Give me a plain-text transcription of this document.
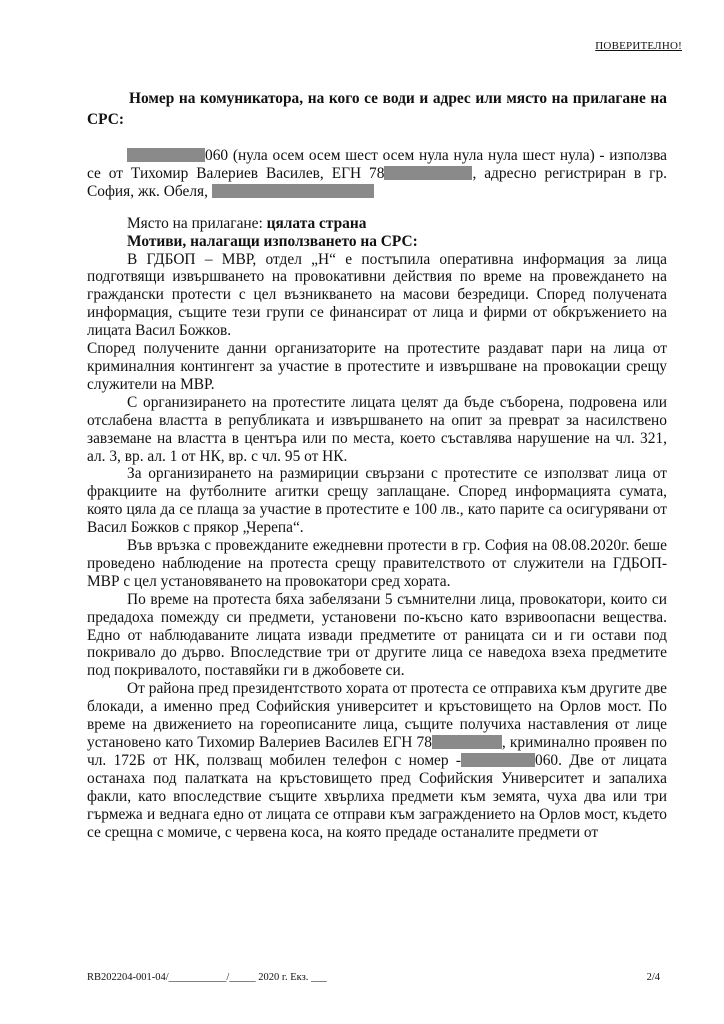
ПОВЕРИТЕЛНО!
Номер на комуникатора, на кого се води и адрес или място на прилагане на СРС:

060 (нула осем осем шест осем нула нула нула шест нула) - използва се от Тихомир Валериев Василев, ЕГН 78	, адресно регистриран в гр. София, жк. Обеля,

Място на прилагане: цялата страна

Мотиви, налагащи използването на СРС:

В ГДБОП – МВР, отдел „Н“ е постъпила оперативна информация за лица подготвящи извършването на провокативни действия по време на провеждането на граждански протести с цел възникването на масови безредици. Според получената информация, същите тези групи се финансират от лица и фирми от обкръжението на лицата Васил Божков.

Според получените данни организаторите на протестите раздават пари на лица от криминалния контингент за участие в протестите и извършване на провокации срещу служители на МВР.

С организирането на протестите лицата целят да бъде съборена, подровена или отслабена властта в републиката и извършването на опит за преврат за насилствено завземане на властта в центъра или по места, което съставлява нарушение на чл. 321, ал. 3, вр. ал. 1 от НК, вр. с чл. 95 от НК.

За организирането на размириции свързани с протестите се използват лица от фракциите на футболните агитки срещу заплащане. Според информацията сумата, която цяла да се плаща за участие в протестите е 100 лв., като парите са осигурявани от Васил Божков с прякор „Черепа“.

Във връзка с провежданите ежедневни протести в гр. София на 08.08.2020г. беше проведено наблюдение на протеста срещу правителството от служители на ГДБОП-МВР с цел установяването на провокатори сред хората.

По време на протеста бяха забелязани 5 съмнителни лица, провокатори, които си предадоха помежду си предмети, установени по-късно като взривоопасни вещества. Едно от наблюдаваните лицата извади предметите от раницата си и ги остави под покривало до дърво. Впоследствие три от другите лица се наведоха взеха предметите под покривалото, поставяйки ги в джобовете си.

От района пред президентството хората от протеста се отправиха към другите две блокади, а именно пред Софийския университет и кръстовището на Орлов мост. По време на движението на гореописаните лица, същите получиха наставления от лице установено като Тихомир Валериев Василев ЕГН 78	, криминално проявен по чл. 172Б от НК, ползващ мобилен телефон с номер -	060. Две от лицата останаха под палатката на кръстовището пред Софийския Университет и запалиха факли, като впоследствие същите хвърлиха предмети към земята, чуха два или три гърмежа и веднага едно от лицата се отправи към заграждението на Орлов мост, където се срещна с момиче, с червена коса, на която предаде останалите предмети от

RB202204-001-04/___________/_____ 2020 г. Екз. ___	2/4
